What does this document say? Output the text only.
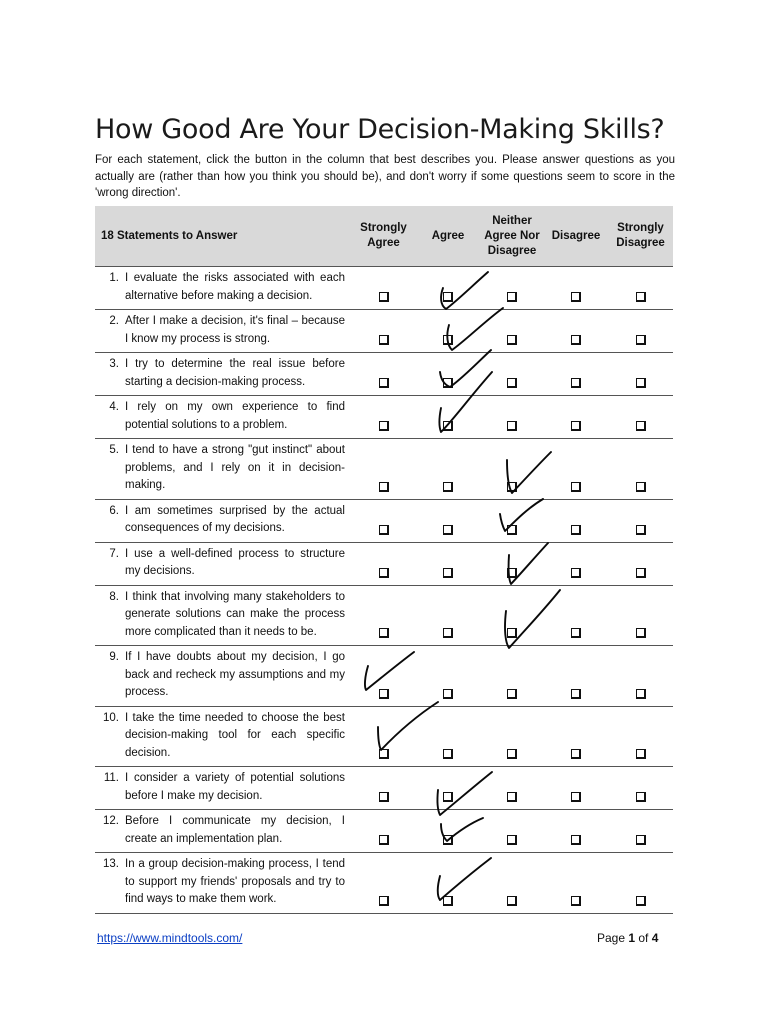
How Good Are Your Decision-Making Skills?

For each statement, click the button in the column that best describes you. Please answer questions as you actually are (rather than how you think you should be), and don't worry if some questions seem to score in the 'wrong direction'.

18 Statements to Answer	Strongly Agree	Agree	Neither Agree Nor Disagree	Disagree	Strongly Disagree

1. I evaluate the risks associated with each alternative before making a decision.					

2. After I make a decision, it's final – because I know my process is strong.					

3. I try to determine the real issue before starting a decision-making process.					

4. I rely on my own experience to find potential solutions to a problem.					

5. I tend to have a strong "gut instinct" about problems, and I rely on it in decision-making.					

6. I am sometimes surprised by the actual consequences of my decisions.					

7. I use a well-defined process to structure my decisions.					

8. I think that involving many stakeholders to generate solutions can make the process more complicated than it needs to be.					

9. If I have doubts about my decision, I go back and recheck my assumptions and my process.					

10. I take the time needed to choose the best decision-making tool for each specific decision.					

11. I consider a variety of potential solutions before I make my decision.					

12. Before I communicate my decision, I create an implementation plan.					

13. In a group decision-making process, I tend to support my friends' proposals and try to find ways to make them work.					

https://www.mindtools.com/	Page 1 of 4
